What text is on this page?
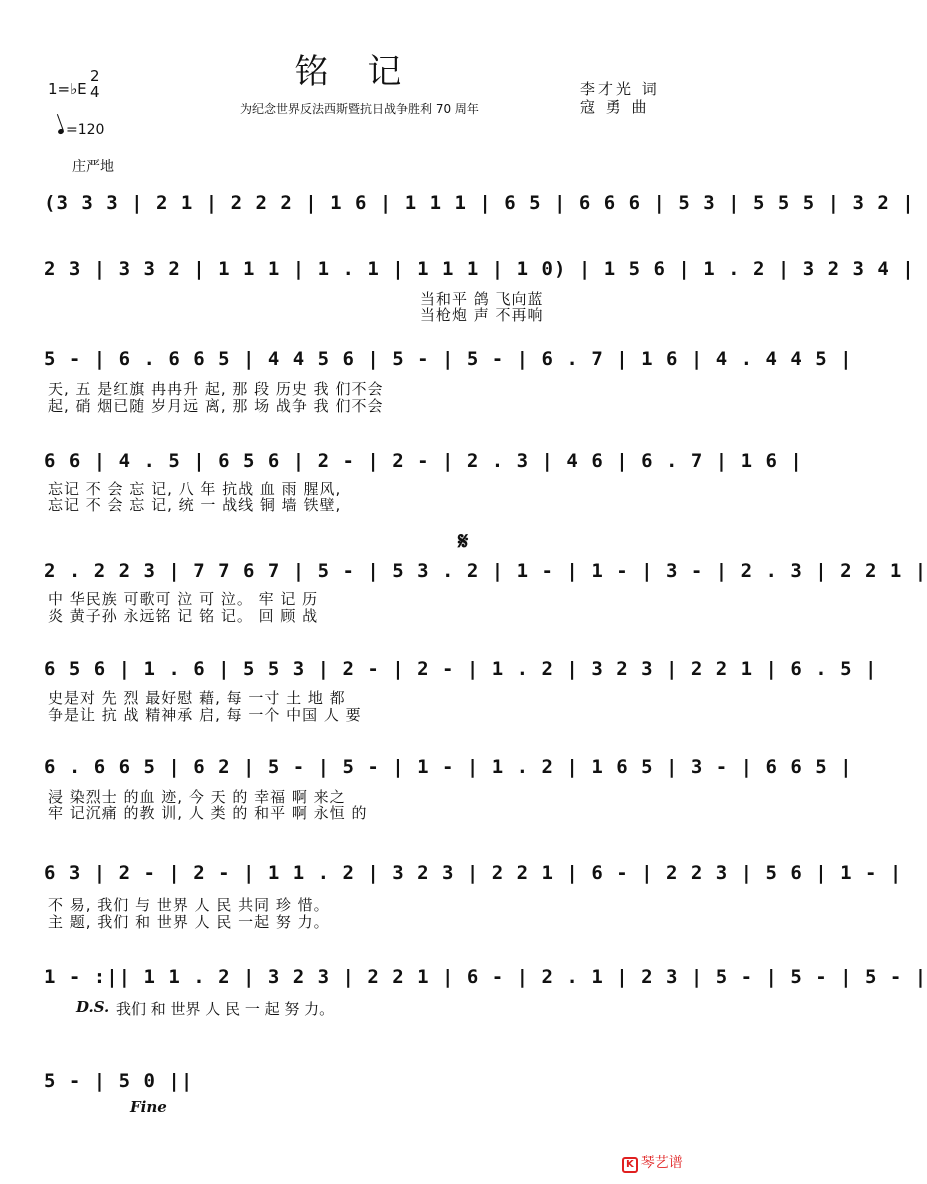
铭 记
1=♭E
2
4
=120
庄严地
为纪念世界反法西斯暨抗日战争胜利 70 周年
李才光 词
寇 勇 曲
(3 3 3 | 2 1 | 2 2 2 | 1 6 | 1 1 1 | 6 5 | 6 6 6 | 5 3 | 5 5 5 | 3 2 |
2 3 | 3 3 2 | 1 1 1 | 1 . 1 | 1 1 1 | 1 0) | 1 5 6 | 1 . 2 | 3 2 3 4 |
5 - | 6 . 6 6 5 | 4 4 5 6 | 5 - | 5 - | 6 . 7 | 1 6 | 4 . 4 4 5 |
6 6 | 4 . 5 | 6 5 6 | 2 - | 2 - | 2 . 3 | 4 6 | 6 . 7 | 1 6 |
2 . 2 2 3 | 7 7 6 7 | 5 - | 5 3 . 2 | 1 - | 1 - | 3 - | 2 . 3 | 2 2 1 |
6 5 6 | 1 . 6 | 5 5 3 | 2 - | 2 - | 1 . 2 | 3 2 3 | 2 2 1 | 6 . 5 |
6 . 6 6 5 | 6 2 | 5 - | 5 - | 1 - | 1 . 2 | 1 6 5 | 3 - | 6 6 5 |
6 3 | 2 - | 2 - | 1 1 . 2 | 3 2 3 | 2 2 1 | 6 - | 2 2 3 | 5 6 | 1 - |
1 - :|| 1 1 . 2 | 3 2 3 | 2 2 1 | 6 - | 2 . 1 | 2 3 | 5 - | 5 - | 5 - |
5 - | 5 0 ||
𝄋
当和平 鸽 飞向蓝
当枪炮 声 不再响
天, 五 是红旗 冉冉升 起, 那 段 历史 我 们不会
起, 硝 烟已随 岁月远 离, 那 场 战争 我 们不会
忘记 不 会 忘 记, 八 年 抗战 血 雨 腥风,
忘记 不 会 忘 记, 统 一 战线 铜 墙 铁壁,
中 华民族 可歌可 泣 可 泣。 牢 记 历
炎 黄子孙 永远铭 记 铭 记。 回 顾 战
史是对 先 烈 最好慰 藉, 每 一寸 土 地 都
争是让 抗 战 精神承 启, 每 一个 中国 人 要
浸 染烈士 的血 迹, 今 天 的 幸福 啊 来之
牢 记沉痛 的教 训, 人 类 的 和平 啊 永恒 的
不 易, 我们 与 世界 人 民 共同 珍 惜。
主 题, 我们 和 世界 人 民 一起 努 力。
D.S. 我们 和 世界 人 民 一 起 努 力。
Fine
K 琴艺谱
